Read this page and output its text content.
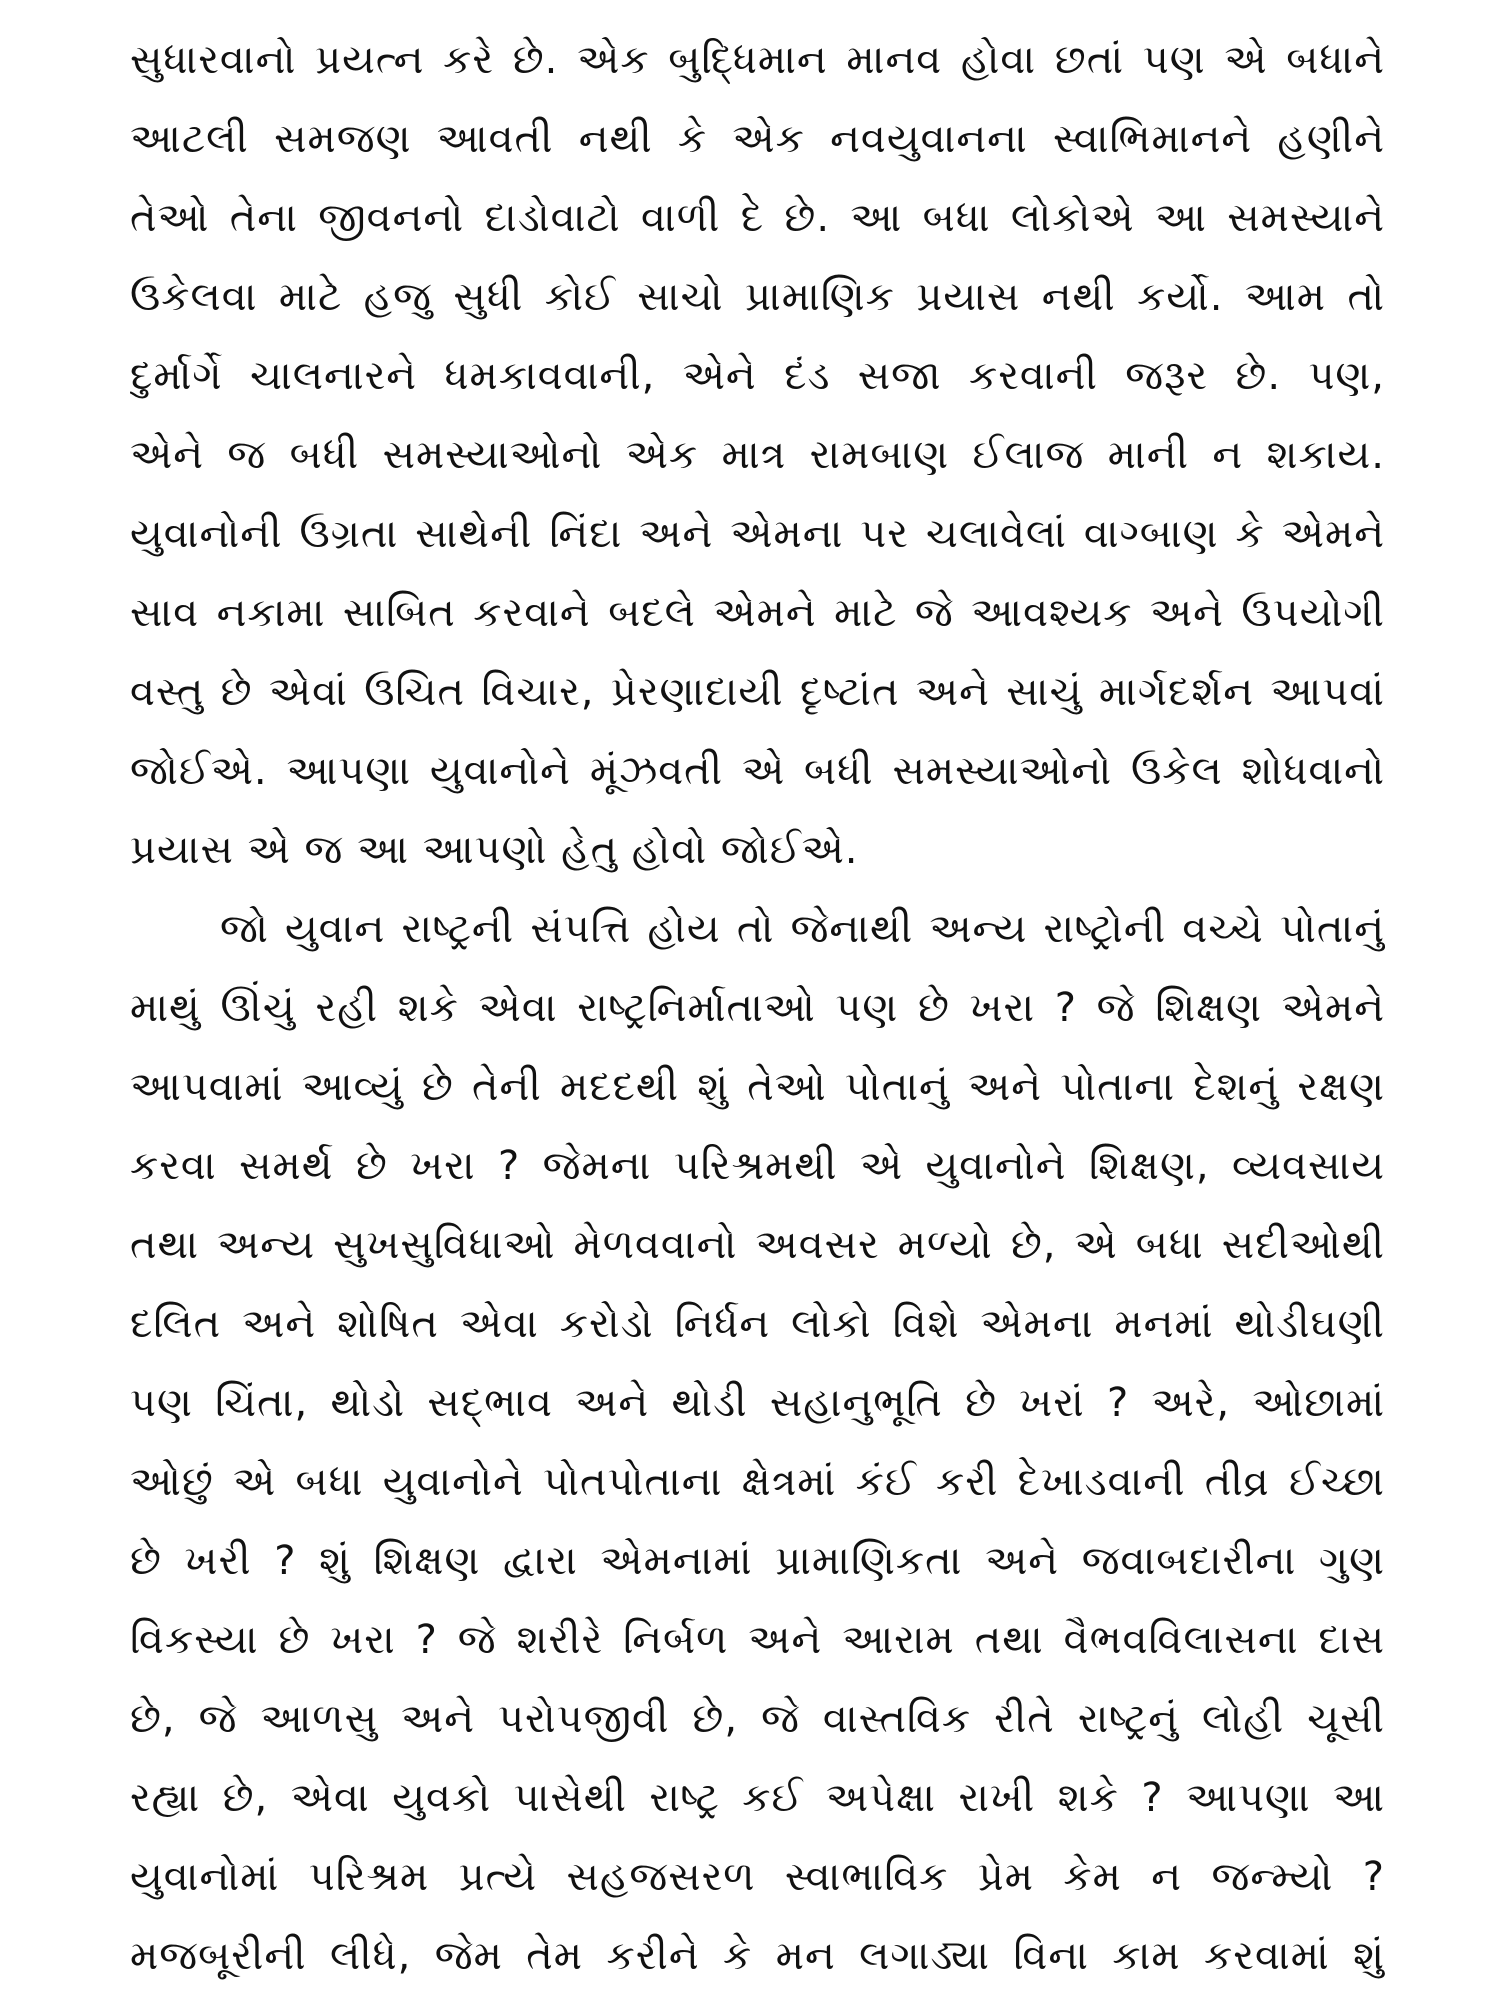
સુધારવાનો પ્રયત્ન કરે છે. એક બુદ્ધિમાન માનવ હોવા છતાં પણ એ બધાને
આટલી સમજણ આવતી નથી કે એક નવયુવાનના સ્વાભિમાનને હણીને
તેઓ તેના જીવનનો દાડોવાટો વાળી દે છે. આ બધા લોકોએ આ સમસ્યાને
ઉકેલવા માટે હજુ સુધી કોઈ સાચો પ્રામાણિક પ્રયાસ નથી કર્યો. આમ તો
દુર્માર્ગે ચાલનારને ધમકાવવાની, એને દંડ સજા કરવાની જરૂર છે. પણ,
એને જ બધી સમસ્યાઓનો એક માત્ર રામબાણ ઈલાજ માની ન શકાય.
યુવાનોની ઉગ્રતા સાથેની નિંદા અને એમના પર ચલાવેલાં વાગ્બાણ કે એમને
સાવ નકામા સાબિત કરવાને બદલે એમને માટે જે આવશ્યક અને ઉપયોગી
વસ્તુ છે એવાં ઉચિત વિચાર, પ્રેરણાદાયી દૃષ્ટાંત અને સાચું માર્ગદર્શન આપવાં
જોઈએ. આપણા યુવાનોને મૂંઝવતી એ બધી સમસ્યાઓનો ઉકેલ શોધવાનો
પ્રયાસ એ જ આ આપણો હેતુ હોવો જોઈએ.
જો યુવાન રાષ્ટ્રની સંપત્તિ હોય તો જેનાથી અન્ય રાષ્ટ્રોની વચ્ચે પોતાનું
માથું ઊંચું રહી શકે એવા રાષ્ટ્રનિર્માતાઓ પણ છે ખરા ? જે શિક્ષણ એમને
આપવામાં આવ્યું છે તેની મદદથી શું તેઓ પોતાનું અને પોતાના દેશનું રક્ષણ
કરવા સમર્થ છે ખરા ? જેમના પરિશ્રમથી એ યુવાનોને શિક્ષણ, વ્યવસાય
તથા અન્ય સુખસુવિધાઓ મેળવવાનો અવસર મળ્યો છે, એ બધા સદીઓથી
દલિત અને શોષિત એવા કરોડો નિર્ધન લોકો વિશે એમના મનમાં થોડીઘણી
પણ ચિંતા, થોડો સદ્ભાવ અને થોડી સહાનુભૂતિ છે ખરાં ? અરે, ઓછામાં
ઓછું એ બધા યુવાનોને પોતપોતાના ક્ષેત્રમાં કંઈ કરી દેખાડવાની તીવ્ર ઈચ્છા
છે ખરી ? શું શિક્ષણ દ્વારા એમનામાં પ્રામાણિકતા અને જવાબદારીના ગુણ
વિકસ્યા છે ખરા ? જે શરીરે નિર્બળ અને આરામ તથા વૈભવવિલાસના દાસ
છે, જે આળસુ અને પરોપજીવી છે, જે વાસ્તવિક રીતે રાષ્ટ્રનું લોહી ચૂસી
રહ્યા છે, એવા યુવકો પાસેથી રાષ્ટ્ર કઈ અપેક્ષા રાખી શકે ? આપણા આ
યુવાનોમાં પરિશ્રમ પ્રત્યે સહજસરળ સ્વાભાવિક પ્રેમ કેમ ન જન્મ્યો ?
મજબૂરીની લીધે, જેમ તેમ કરીને કે મન લગાડ્યા વિના કામ કરવામાં શું
